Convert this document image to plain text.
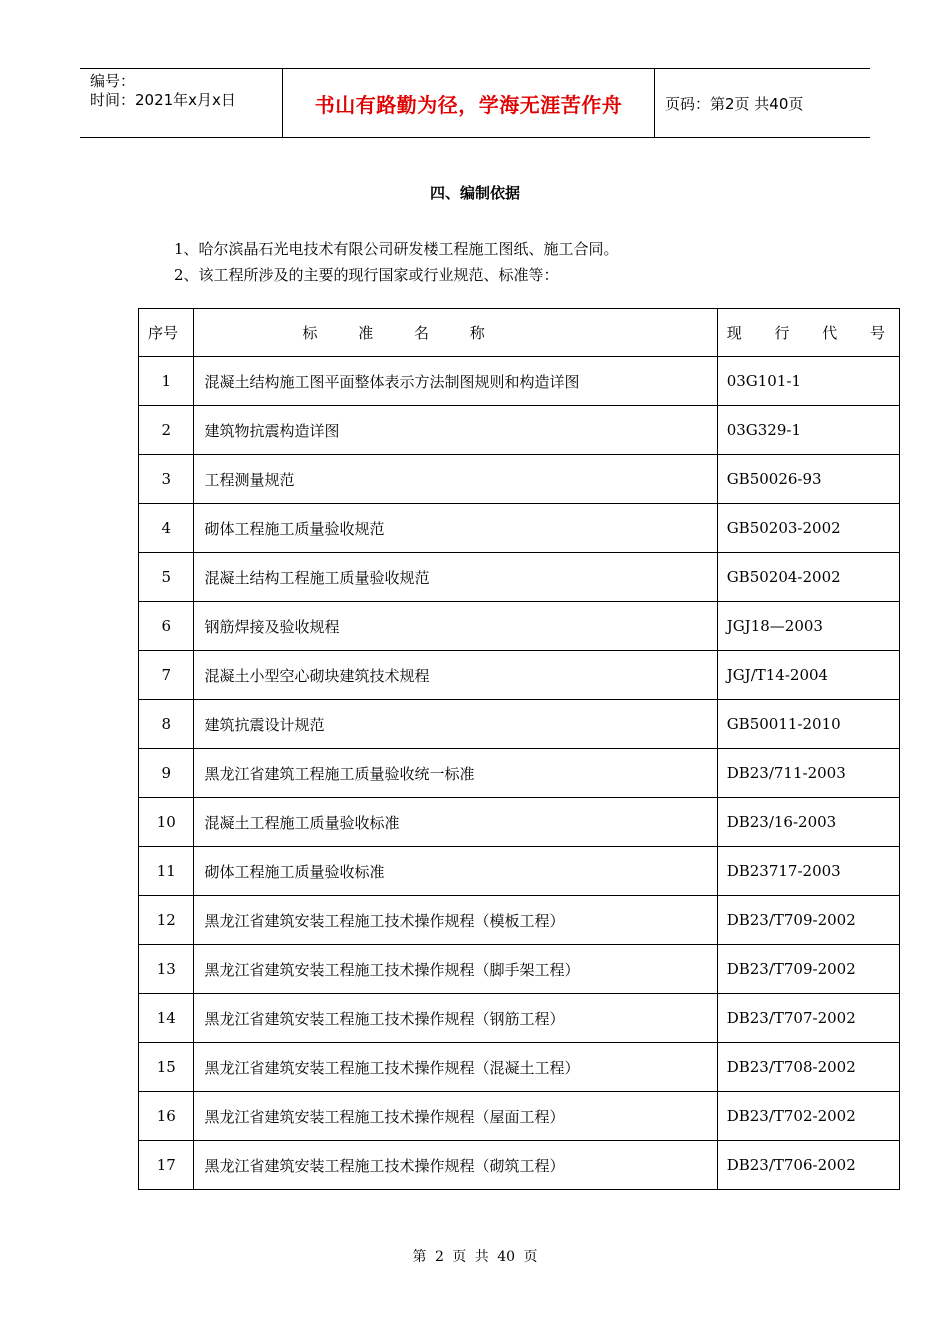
编号：
时间：2021年x月x日	书山有路勤为径，学海无涯苦作舟	页码：第2页 共40页
四、编制依据
1、哈尔滨晶石光电技术有限公司研发楼工程施工图纸、施工合同。
2、该工程所涉及的主要的现行国家或行业规范、标准等：
序号	标 准 名 称	现 行 代 号
1	混凝土结构施工图平面整体表示方法制图规则和构造详图	03G101-1
2	建筑物抗震构造详图	03G329-1
3	工程测量规范	GB50026-93
4	砌体工程施工质量验收规范	GB50203-2002
5	混凝土结构工程施工质量验收规范	GB50204-2002
6	钢筋焊接及验收规程	JGJ18—2003
7	混凝土小型空心砌块建筑技术规程	JGJ/T14-2004
8	建筑抗震设计规范	GB50011-2010
9	黑龙江省建筑工程施工质量验收统一标准	DB23/711-2003
10	混凝土工程施工质量验收标准	DB23/16-2003
11	砌体工程施工质量验收标准	DB23717-2003
12	黑龙江省建筑安装工程施工技术操作规程（模板工程）	DB23/T709-2002
13	黑龙江省建筑安装工程施工技术操作规程（脚手架工程）	DB23/T709-2002
14	黑龙江省建筑安装工程施工技术操作规程（钢筋工程）	DB23/T707-2002
15	黑龙江省建筑安装工程施工技术操作规程（混凝土工程）	DB23/T708-2002
16	黑龙江省建筑安装工程施工技术操作规程（屋面工程）	DB23/T702-2002
17	黑龙江省建筑安装工程施工技术操作规程（砌筑工程）	DB23/T706-2002
第 2 页 共 40 页
